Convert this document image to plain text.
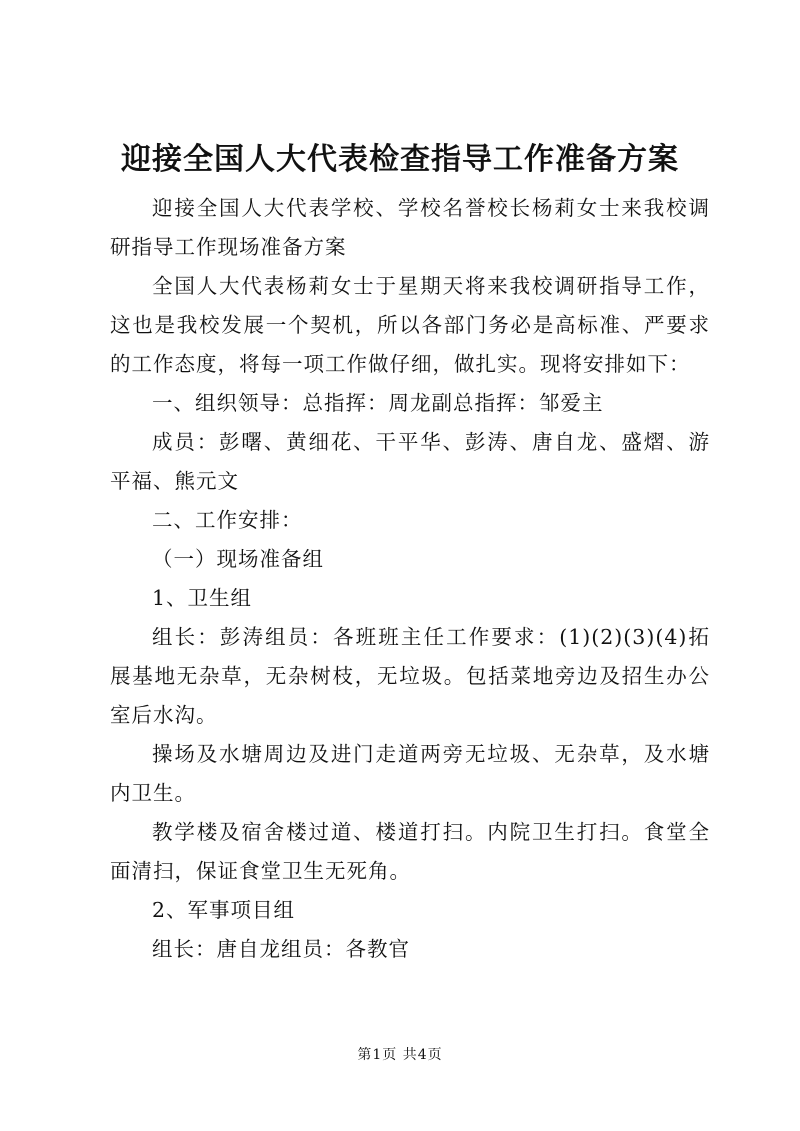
迎接全国人大代表检查指导工作准备方案

迎接全国人大代表学校、学校名誉校长杨莉女士来我校调研指导工作现场准备方案

全国人大代表杨莉女士于星期天将来我校调研指导工作，这也是我校发展一个契机，所以各部门务必是高标准、严要求的工作态度，将每一项工作做仔细，做扎实。现将安排如下：

一、组织领导：总指挥：周龙副总指挥：邹爱主

成员：彭曙、黄细花、干平华、彭涛、唐自龙、盛熠、游平福、熊元文

二、工作安排：

（一）现场准备组

1、卫生组

组长：彭涛组员：各班班主任工作要求：(1)(2)(3)(4)拓展基地无杂草，无杂树枝，无垃圾。包括菜地旁边及招生办公室后水沟。

操场及水塘周边及进门走道两旁无垃圾、无杂草，及水塘内卫生。

教学楼及宿舍楼过道、楼道打扫。内院卫生打扫。食堂全面清扫，保证食堂卫生无死角。

2、军事项目组

组长：唐自龙组员：各教官

第1页 共4页
